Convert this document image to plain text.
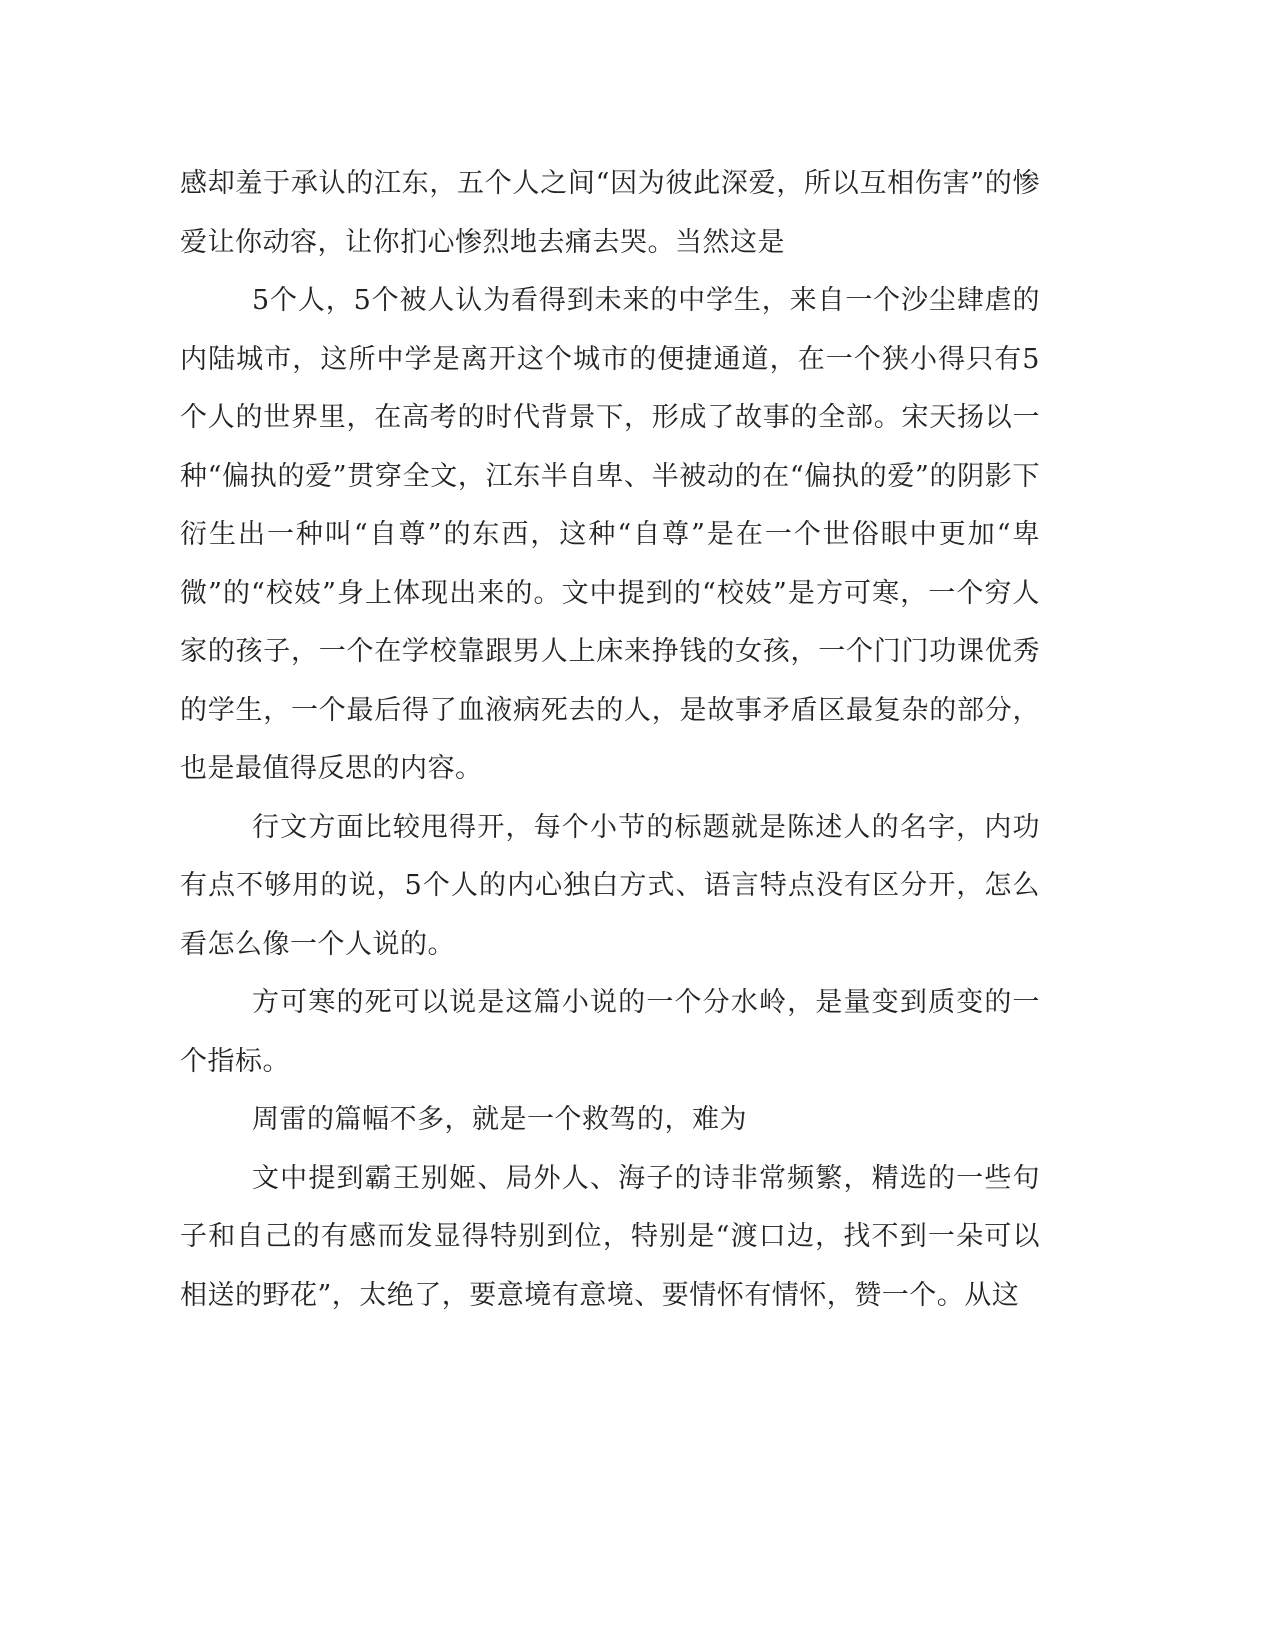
感却羞于承认的江东，五个人之间“因为彼此深爱，所以互相伤害”的惨爱让你动容，让你扪心惨烈地去痛去哭。当然这是

5个人，5个被人认为看得到未来的中学生，来自一个沙尘肆虐的内陆城市，这所中学是离开这个城市的便捷通道，在一个狭小得只有5个人的世界里，在高考的时代背景下，形成了故事的全部。宋天扬以一种“偏执的爱”贯穿全文，江东半自卑、半被动的在“偏执的爱”的阴影下衍生出一种叫“自尊”的东西，这种“自尊”是在一个世俗眼中更加“卑微”的“校妓”身上体现出来的。文中提到的“校妓”是方可寒，一个穷人家的孩子，一个在学校靠跟男人上床来挣钱的女孩，一个门门功课优秀的学生，一个最后得了血液病死去的人，是故事矛盾区最复杂的部分，也是最值得反思的内容。

行文方面比较甩得开，每个小节的标题就是陈述人的名字，内功有点不够用的说，5个人的内心独白方式、语言特点没有区分开，怎么看怎么像一个人说的。

方可寒的死可以说是这篇小说的一个分水岭，是量变到质变的一个指标。

周雷的篇幅不多，就是一个救驾的，难为

文中提到霸王别姬、局外人、海子的诗非常频繁，精选的一些句子和自己的有感而发显得特别到位，特别是“渡口边，找不到一朵可以相送的野花”，太绝了，要意境有意境、要情怀有情怀，赞一个。从这
